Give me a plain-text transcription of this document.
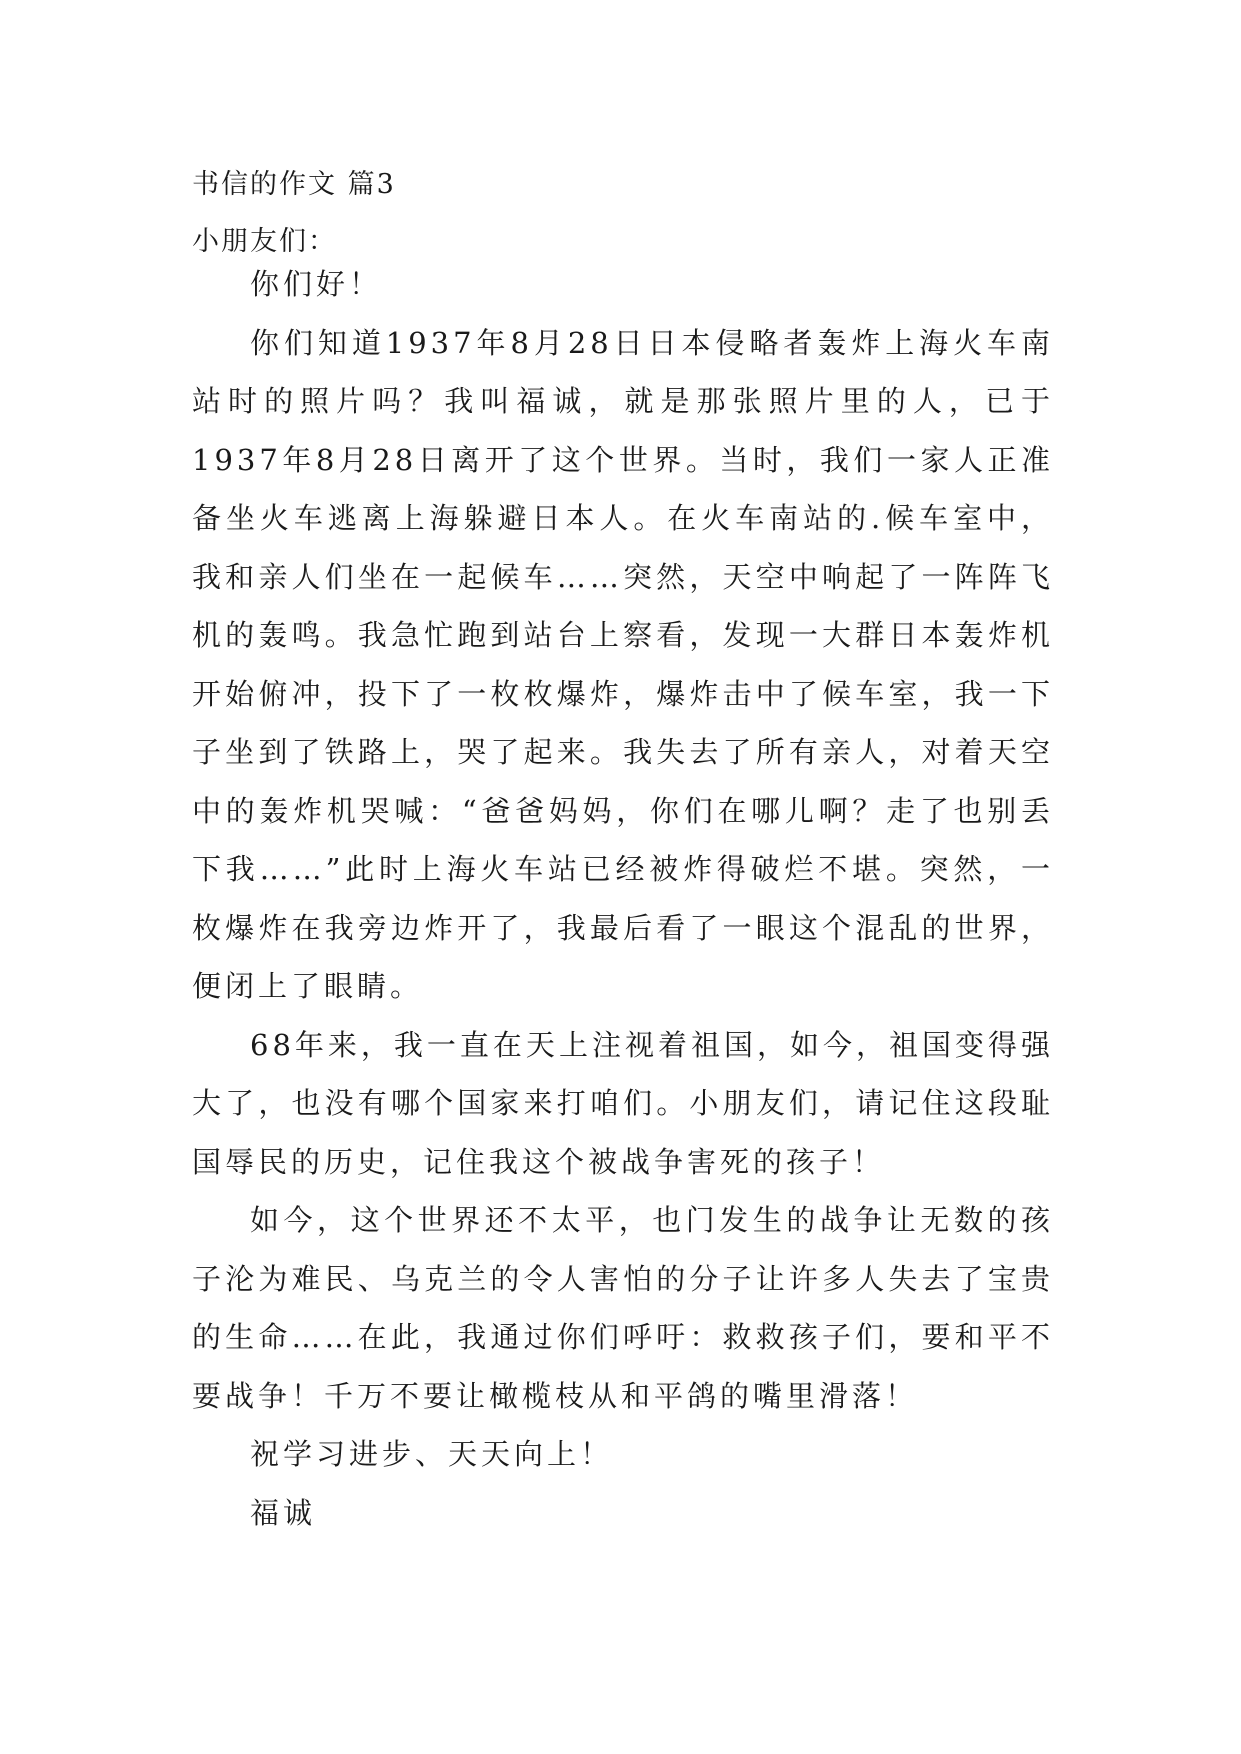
书信的作文 篇3
小朋友们：

你们好！

你们知道1937年8月28日日本侵略者轰炸上海火车南站时的照片吗？我叫福诚，就是那张照片里的人，已于1937年8月28日离开了这个世界。当时，我们一家人正准备坐火车逃离上海躲避日本人。在火车南站的.候车室中，我和亲人们坐在一起候车……突然，天空中响起了一阵阵飞机的轰鸣。我急忙跑到站台上察看，发现一大群日本轰炸机开始俯冲，投下了一枚枚爆炸，爆炸击中了候车室，我一下子坐到了铁路上，哭了起来。我失去了所有亲人，对着天空中的轰炸机哭喊：“爸爸妈妈，你们在哪儿啊？走了也别丢下我……”此时上海火车站已经被炸得破烂不堪。突然，一枚爆炸在我旁边炸开了，我最后看了一眼这个混乱的世界，便闭上了眼睛。

68年来，我一直在天上注视着祖国，如今，祖国变得强大了，也没有哪个国家来打咱们。小朋友们，请记住这段耻国辱民的历史，记住我这个被战争害死的孩子！

如今，这个世界还不太平，也门发生的战争让无数的孩子沦为难民、乌克兰的令人害怕的分子让许多人失去了宝贵的生命……在此，我通过你们呼吁：救救孩子们，要和平不要战争！千万不要让橄榄枝从和平鸽的嘴里滑落！

祝学习进步、天天向上！

福诚
